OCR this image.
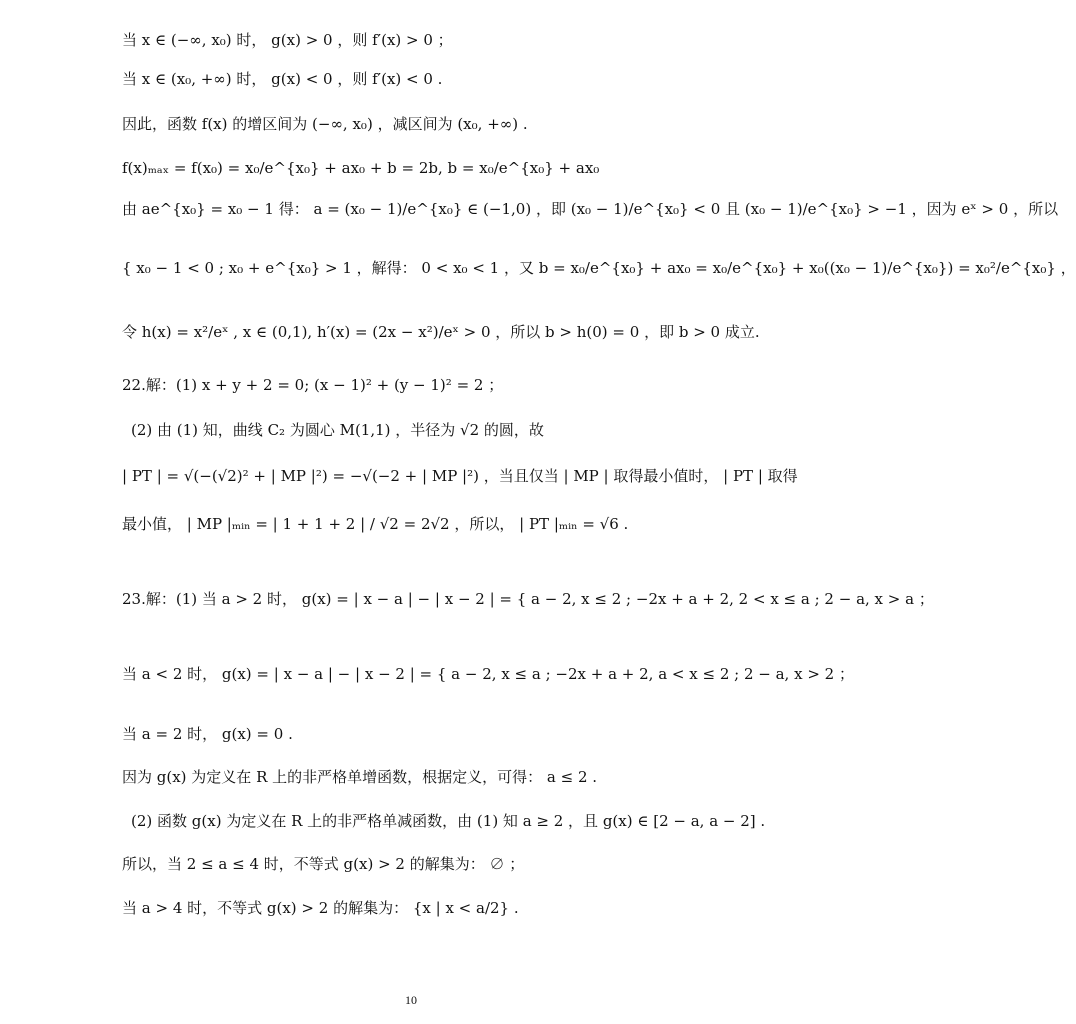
当 x ∈ (−∞, x₀) 时， g(x) > 0 ，则 f′(x) > 0 ；
当 x ∈ (x₀, +∞) 时， g(x) < 0 ，则 f′(x) < 0 .
因此，函数 f(x) 的增区间为 (−∞, x₀) ，减区间为 (x₀, +∞) .
f(x)ₘₐₓ = f(x₀) = x₀/e^{x₀} + ax₀ + b = 2b, b = x₀/e^{x₀} + ax₀
由 ae^{x₀} = x₀ − 1 得： a = (x₀ − 1)/e^{x₀} ∈ (−1,0) ，即 (x₀ − 1)/e^{x₀} < 0 且 (x₀ − 1)/e^{x₀} > −1 ，因为 eˣ > 0 ，所以
{ x₀ − 1 < 0 ; x₀ + e^{x₀} > 1 ，解得： 0 < x₀ < 1 ，又 b = x₀/e^{x₀} + ax₀ = x₀/e^{x₀} + x₀((x₀ − 1)/e^{x₀}) = x₀²/e^{x₀} ，
令 h(x) = x²/eˣ , x ∈ (0,1), h′(x) = (2x − x²)/eˣ > 0 ，所以 b > h(0) = 0 ，即 b > 0 成立.
22.解：(1) x + y + 2 = 0; (x − 1)² + (y − 1)² = 2 ；
(2) 由 (1) 知，曲线 C₂ 为圆心 M(1,1) ，半径为 √2 的圆，故
| PT | = √(−(√2)² + | MP |²) = −√(−2 + | MP |²) ，当且仅当 | MP | 取得最小值时， | PT | 取得
最小值， | MP |ₘᵢₙ = | 1 + 1 + 2 | / √2 = 2√2 ，所以， | PT |ₘᵢₙ = √6 .
23.解：(1) 当 a > 2 时， g(x) = | x − a | − | x − 2 | = { a − 2, x ≤ 2 ; −2x + a + 2, 2 < x ≤ a ; 2 − a, x > a ；
当 a < 2 时， g(x) = | x − a | − | x − 2 | = { a − 2, x ≤ a ; −2x + a + 2, a < x ≤ 2 ; 2 − a, x > 2 ；
当 a = 2 时， g(x) = 0 .
因为 g(x) 为定义在 R 上的非严格单增函数，根据定义，可得： a ≤ 2 .
(2) 函数 g(x) 为定义在 R 上的非严格单减函数，由 (1) 知 a ≥ 2 ，且 g(x) ∈ [2 − a, a − 2] .
所以，当 2 ≤ a ≤ 4 时，不等式 g(x) > 2 的解集为： ∅ ；
当 a > 4 时，不等式 g(x) > 2 的解集为： {x | x < a/2} .
10
